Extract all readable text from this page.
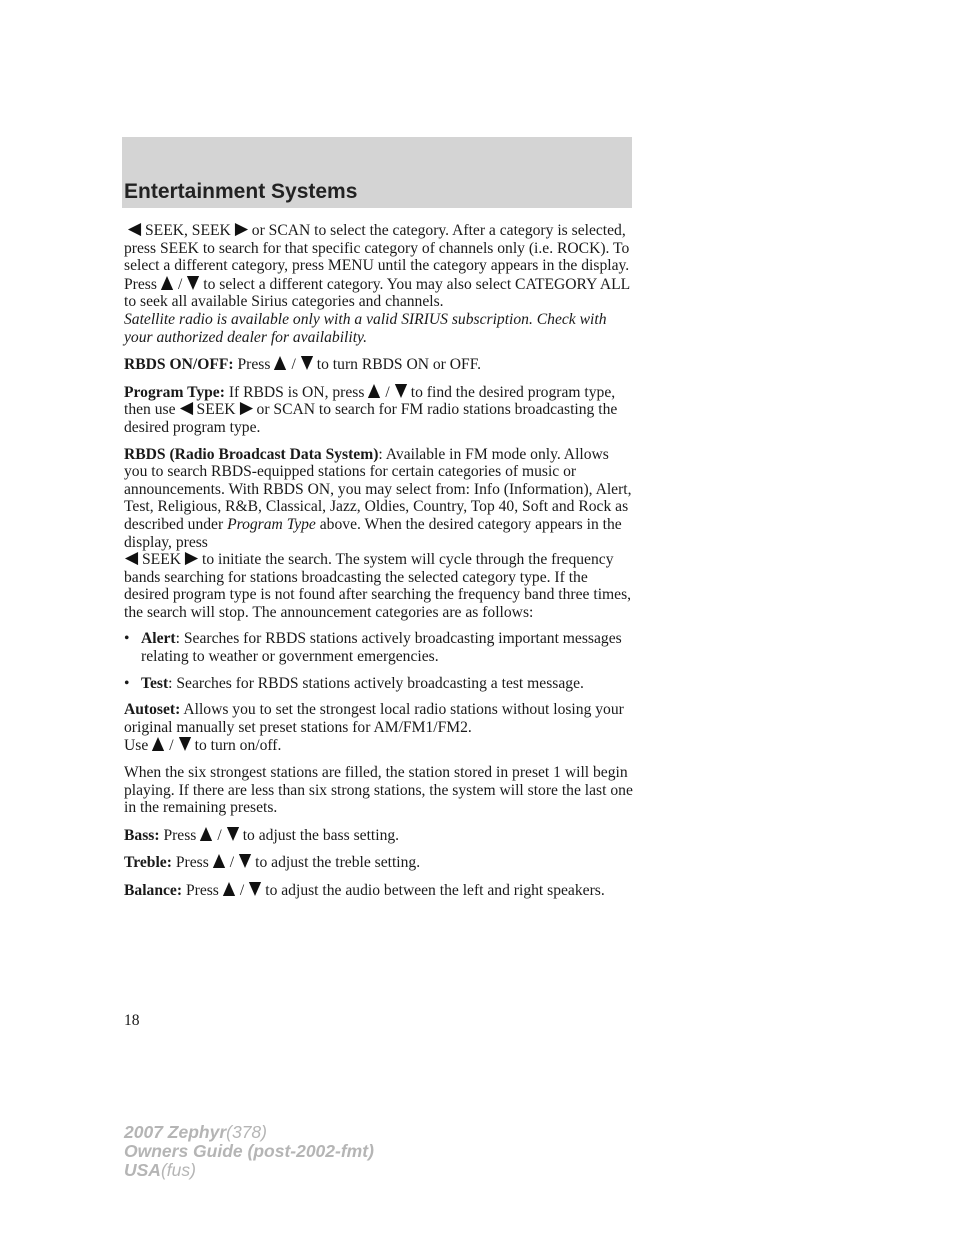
Entertainment Systems

SEEK, SEEK or SCAN to select the category. After a category is selected, press SEEK to search for that specific category of channels only (i.e. ROCK). To select a different category, press MENU until the category appears in the display. Press / to select a different category. You may also select CATEGORY ALL to seek all available Sirius categories and channels.

Satellite radio is available only with a valid SIRIUS subscription. Check with your authorized dealer for availability.

RBDS ON/OFF: Press / to turn RBDS ON or OFF.

Program Type: If RBDS is ON, press / to find the desired program type, then use SEEK or SCAN to search for FM radio stations broadcasting the desired program type.

RBDS (Radio Broadcast Data System): Available in FM mode only. Allows you to search RBDS-equipped stations for certain categories of music or announcements. With RBDS ON, you may select from: Info (Information), Alert, Test, Religious, R&B, Classical, Jazz, Oldies, Country, Top 40, Soft and Rock as described under Program Type above. When the desired category appears in the display, press
SEEK to initiate the search. The system will cycle through the frequency bands searching for stations broadcasting the selected category type. If the desired program type is not found after searching the frequency band three times, the search will stop. The announcement categories are as follows:

• Alert: Searches for RBDS stations actively broadcasting important messages relating to weather or government emergencies.
• Test: Searches for RBDS stations actively broadcasting a test message.

Autoset: Allows you to set the strongest local radio stations without losing your original manually set preset stations for AM/FM1/FM2.
Use / to turn on/off.

When the six strongest stations are filled, the station stored in preset 1 will begin playing. If there are less than six strong stations, the system will store the last one in the remaining presets.

Bass: Press / to adjust the bass setting.

Treble: Press / to adjust the treble setting.

Balance: Press / to adjust the audio between the left and right speakers.

18
2007 Zephyr(378)
Owners Guide (post-2002-fmt)
USA(fus)
